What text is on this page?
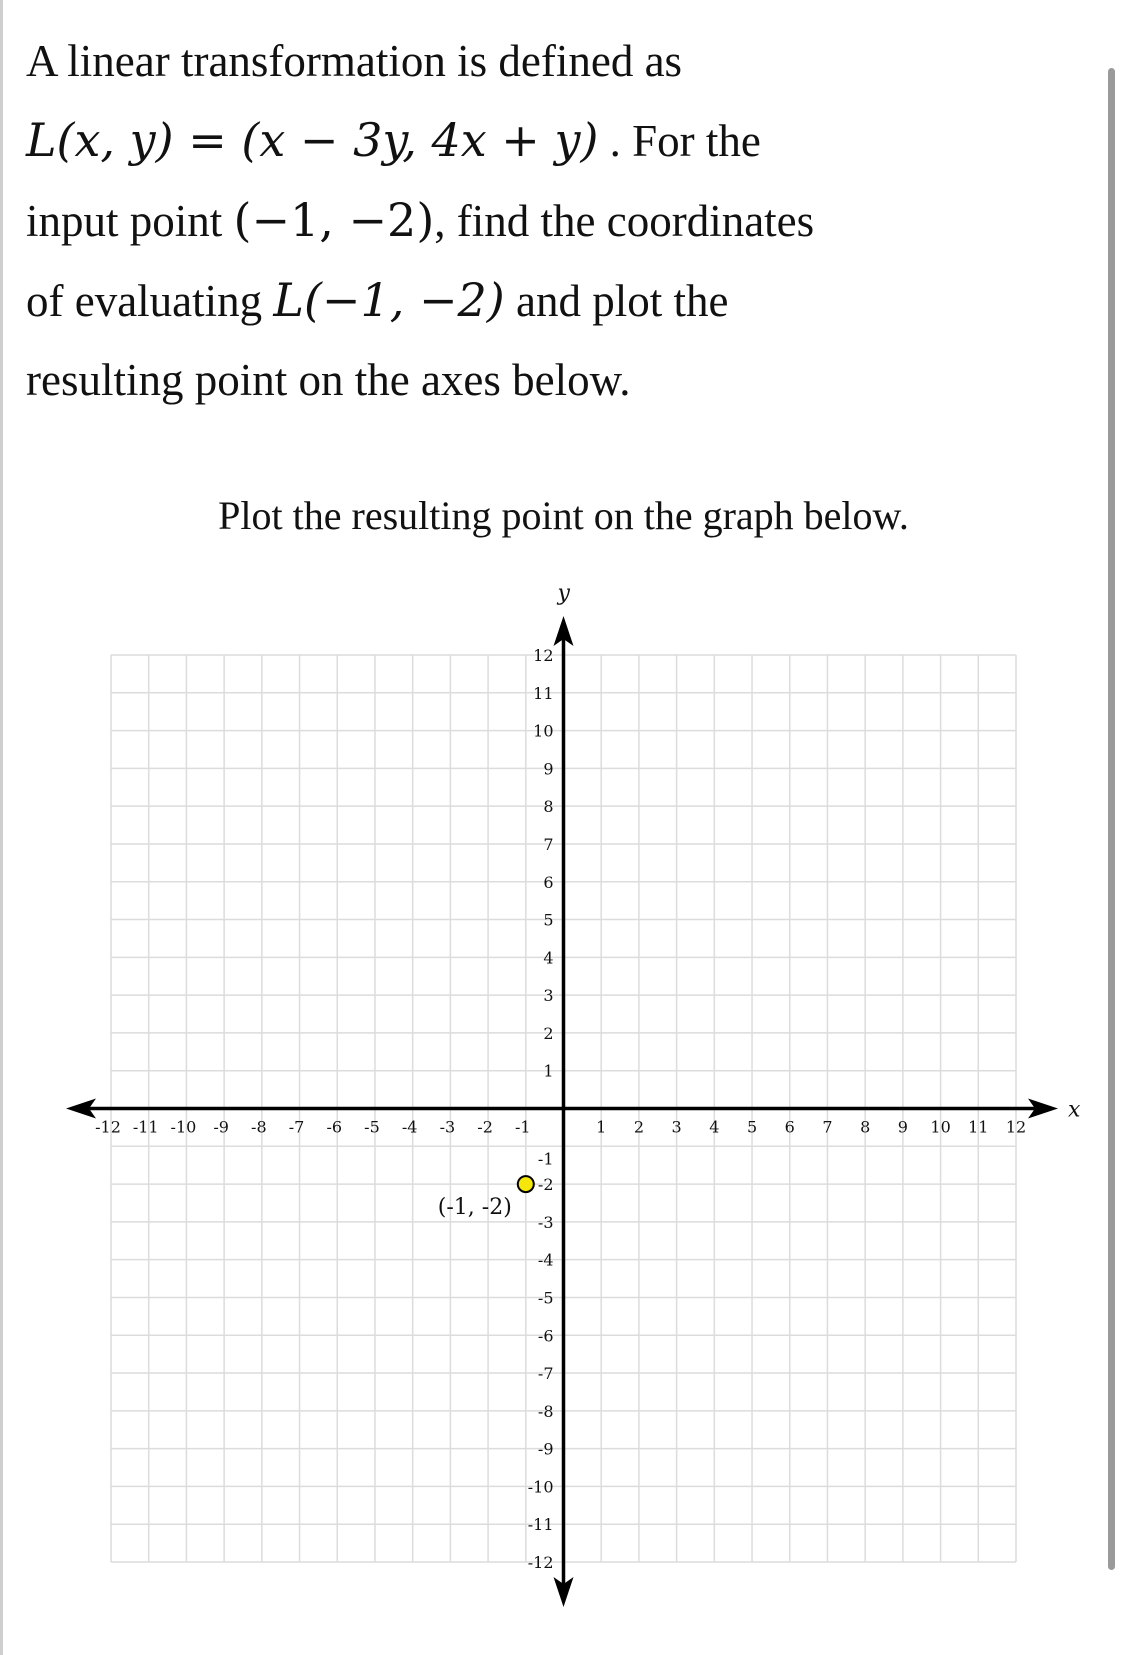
A linear transformation is defined as
L(x, y) = (x − 3y, 4x + y) . For the
input point (−1, −2), find the coordinates
of evaluating L(−1, −2) and plot the
resulting point on the axes below.
Plot the resulting point on the graph below.
x
y
-12 -11 -10 -9 -8 -7 -6 -5 -4 -3 -2 -1	1 2 3 4 5 6 7 8 9 10 11 12
12
11
10
9
8
7
6
5
4
3
2
1
-1
-2
-3
-4
-5
-6
-7
-8
-9
-10
-11
-12
(-1, -2)
